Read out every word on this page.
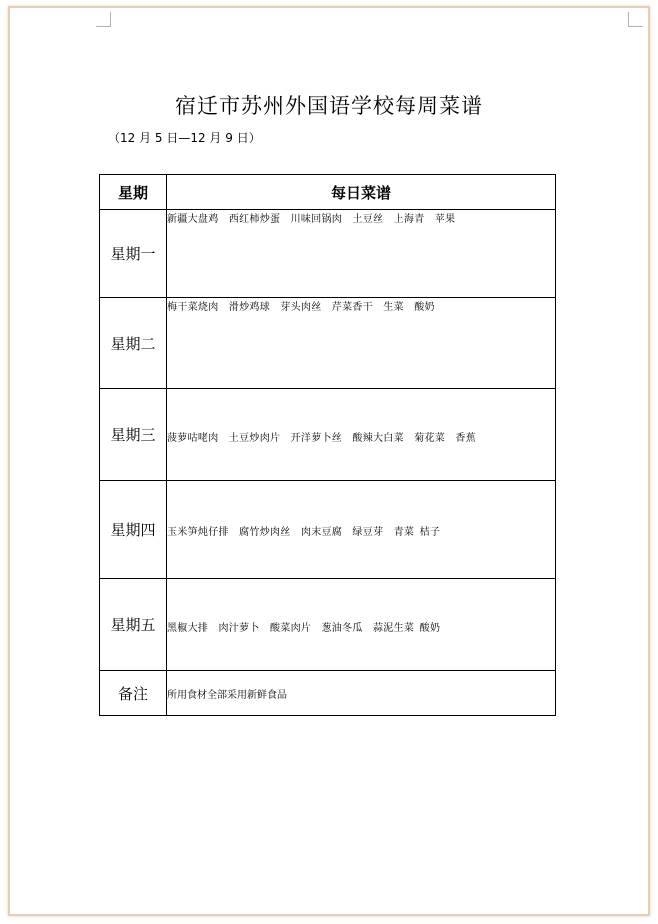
宿迁市苏州外国语学校每周菜谱
（12 月 5 日—12 月 9 日）
星期	每日菜谱
星期一	新疆大盘鸡　西红柿炒蛋　川味回锅肉　土豆丝　上海青　苹果
星期二	梅干菜烧肉　滑炒鸡球　芽头肉丝　芹菜香干　生菜　酸奶
星期三	菠萝咕咾肉　土豆炒肉片　开洋萝卜丝　酸辣大白菜　菊花菜　香蕉
星期四	玉米笋炖仔排　腐竹炒肉丝　肉末豆腐　绿豆芽　青菜 桔子
星期五	黑椒大排　肉汁萝卜　酸菜肉片　葱油冬瓜　蒜泥生菜 酸奶
备注	所用食材全部采用新鲜食品
